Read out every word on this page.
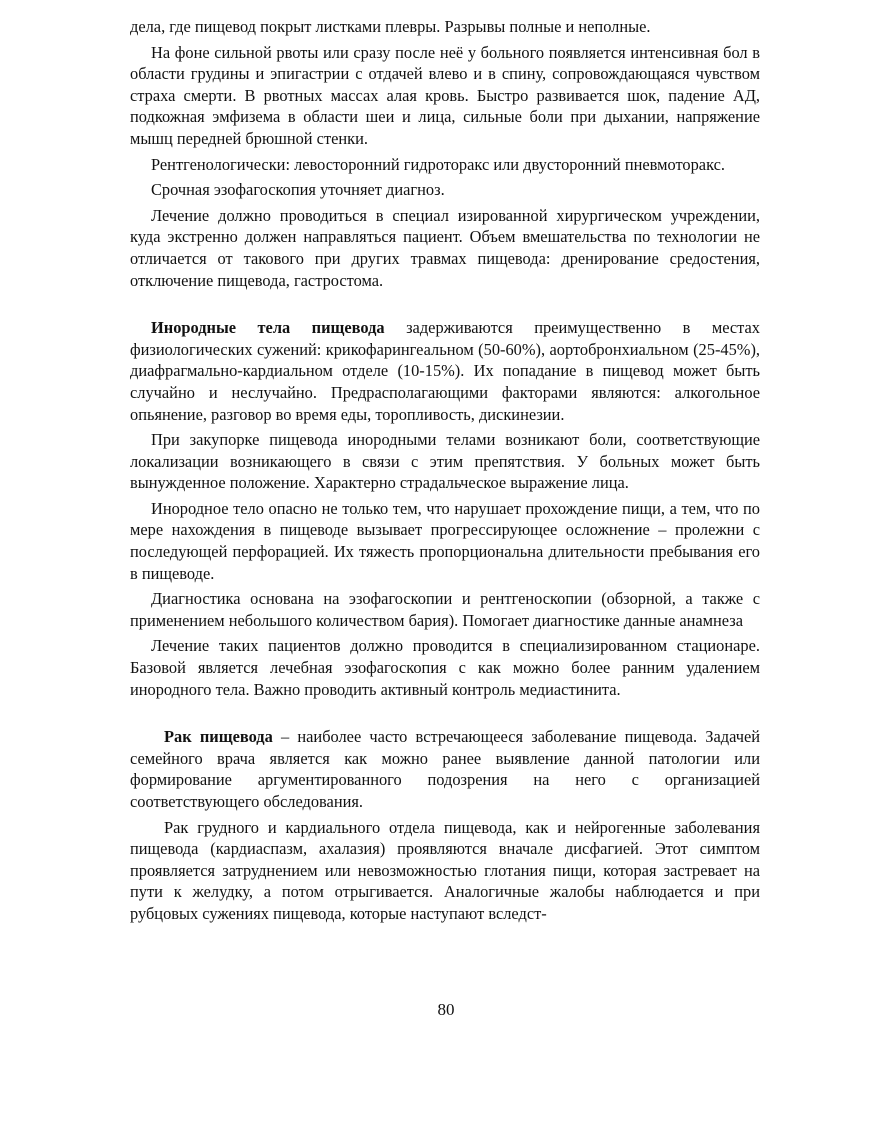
дела, где пищевод покрыт листками плевры. Разрывы полные и неполные.

На фоне сильной рвоты или сразу после неё у больного появляется интенсивная бол в области грудины и эпигастрии с отдачей влево и в спину, сопровождающаяся чувством страха смерти. В рвотных массах алая кровь. Быстро развивается шок, падение АД, подкожная эмфизема в области шеи и лица, сильные боли при дыхании, напряжение мышц передней брюшной стенки.

Рентгенологически: левосторонний гидроторакс или двусторонний пневмоторакс.

Срочная эзофагоскопия уточняет диагноз.

Лечение должно проводиться в специал изированной хирургическом учреждении, куда экстренно должен направляться пациент. Объем вмешательства по технологии не отличается от такового при других травмах пищевода: дренирование средостения, отключение пищевода, гастростома.

Инородные тела пищевода задерживаются преимущественно в местах физиологических сужений: крикофарингеальном (50-60%), аортобронхиальном (25-45%), диафрагмально-кардиальном отделе (10-15%). Их попадание в пищевод может быть случайно и неслучайно. Предрасполагающими факторами являются: алкогольное опьянение, разговор во время еды, торопливость, дискинезии.

При закупорке пищевода инородными телами возникают боли, соответствующие локализации возникающего в связи с этим препятствия. У больных может быть вынужденное положение. Характерно страдальческое выражение лица.

Инородное тело опасно не только тем, что нарушает прохождение пищи, а тем, что по мере нахождения в пищеводе вызывает прогрессирующее осложнение – пролежни с последующей перфорацией. Их тяжесть пропорциональна длительности пребывания его в пищеводе.

Диагностика основана на эзофагоскопии и рентгеноскопии (обзорной, а также с применением небольшого количеством бария). Помогает диагностике данные анамнеза

Лечение таких пациентов должно проводится в специализированном стационаре. Базовой является лечебная эзофагоскопия с как можно более ранним удалением инородного тела. Важно проводить активный контроль медиастинита.

Рак пищевода – наиболее часто встречающееся заболевание пищевода. Задачей семейного врача является как можно ранее выявление данной патологии или формирование аргументированного подозрения на него с организацией соответствующего обследования.

Рак грудного и кардиального отдела пищевода, как и нейрогенные заболевания пищевода (кардиаспазм, ахалазия) проявляются вначале дисфагией. Этот симптом проявляется затруднением или невозможностью глотания пищи, которая застревает на пути к желудку, а потом отрыгивается. Аналогичные жалобы наблюдается и при рубцовых сужениях пищевода, которые наступают вследст-

80
